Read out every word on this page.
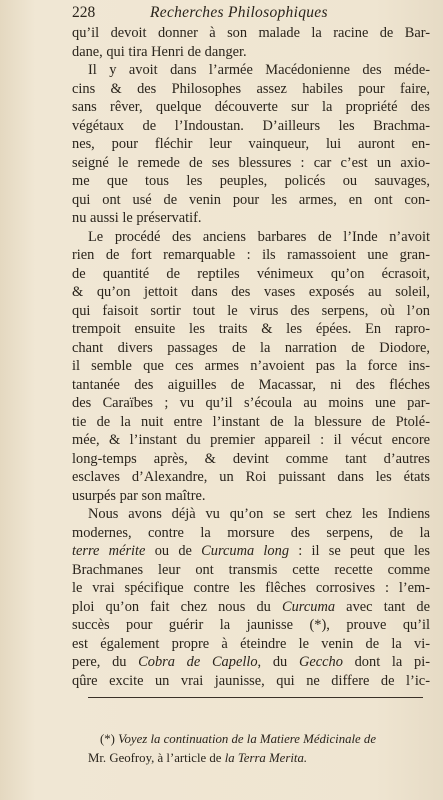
228	Recherches Philosophiques
qu’il devoit donner à son malade la racine de Bar-
dane, qui tira Henri de danger.
Il y avoit dans l’armée Macédonienne des méde-
cins & des Philosophes assez habiles pour faire,
sans rêver, quelque découverte sur la propriété des
végétaux de l’Indoustan. D’ailleurs les Brachma-
nes, pour fléchir leur vainqueur, lui auront en-
seigné le remede de ses blessures : car c’est un axio-
me que tous les peuples, policés ou sauvages,
qui ont usé de venin pour les armes, en ont con-
nu aussi le préservatif.
Le procédé des anciens barbares de l’Inde n’avoit
rien de fort remarquable : ils ramassoient une gran-
de quantité de reptiles vénimeux qu’on écrasoit,
& qu’on jettoit dans des vases exposés au soleil,
qui faisoit sortir tout le virus des serpens, où l’on
trempoit ensuite les traits & les épées. En rapro-
chant divers passages de la narration de Diodore,
il semble que ces armes n’avoient pas la force ins-
tantanée des aiguilles de Macassar, ni des fléches
des Caraïbes ; vu qu’il s’écoula au moins une par-
tie de la nuit entre l’instant de la blessure de Ptolé-
mée, & l’instant du premier appareil : il vécut encore
long-temps après, & devint comme tant d’autres
esclaves d’Alexandre, un Roi puissant dans les états
usurpés par son maître.
Nous avons déjà vu qu’on se sert chez les Indiens
modernes, contre la morsure des serpens, de la
terre mérite ou de Curcuma long : il se peut que les
Brachmanes leur ont transmis cette recette comme
le vrai spécifique contre les flêches corrosives : l’em-
ploi qu’on fait chez nous du Curcuma avec tant de
succès pour guérir la jaunisse (*), prouve qu’il
est également propre à éteindre le venin de la vi-
pere, du Cobra de Capello, du Geccho dont la pi-
qûre excite un vrai jaunisse, qui ne differe de l’ic-
(*) Voyez la continuation de la Matiere Médicinale de
Mr. Geofroy, à l’article de la Terra Merita.
